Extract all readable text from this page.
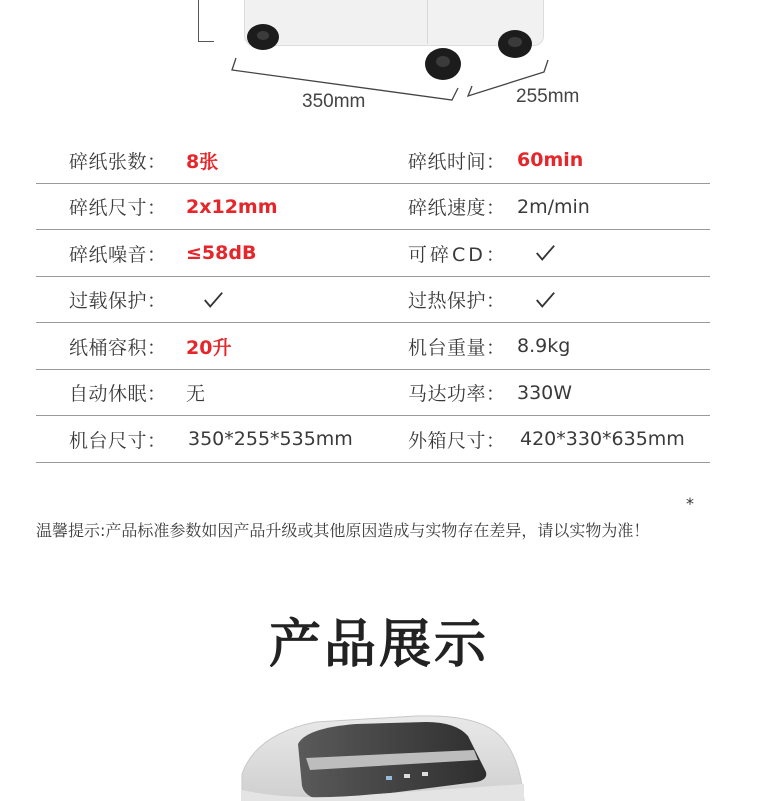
350mm	255mm
碎纸张数： 8张	碎纸时间： 60min
碎纸尺寸： 2x12mm	碎纸速度： 2m/min
碎纸噪音： ≤58dB	可碎CD：
过载保护：	过热保护：
纸桶容积： 20升	机台重量： 8.9kg
自动休眠： 无	马达功率： 330W
机台尺寸： 350*255*535mm	外箱尺寸： 420*330*635mm
*
温馨提示:产品标准参数如因产品升级或其他原因造成与实物存在差异，请以实物为准！
产品展示
